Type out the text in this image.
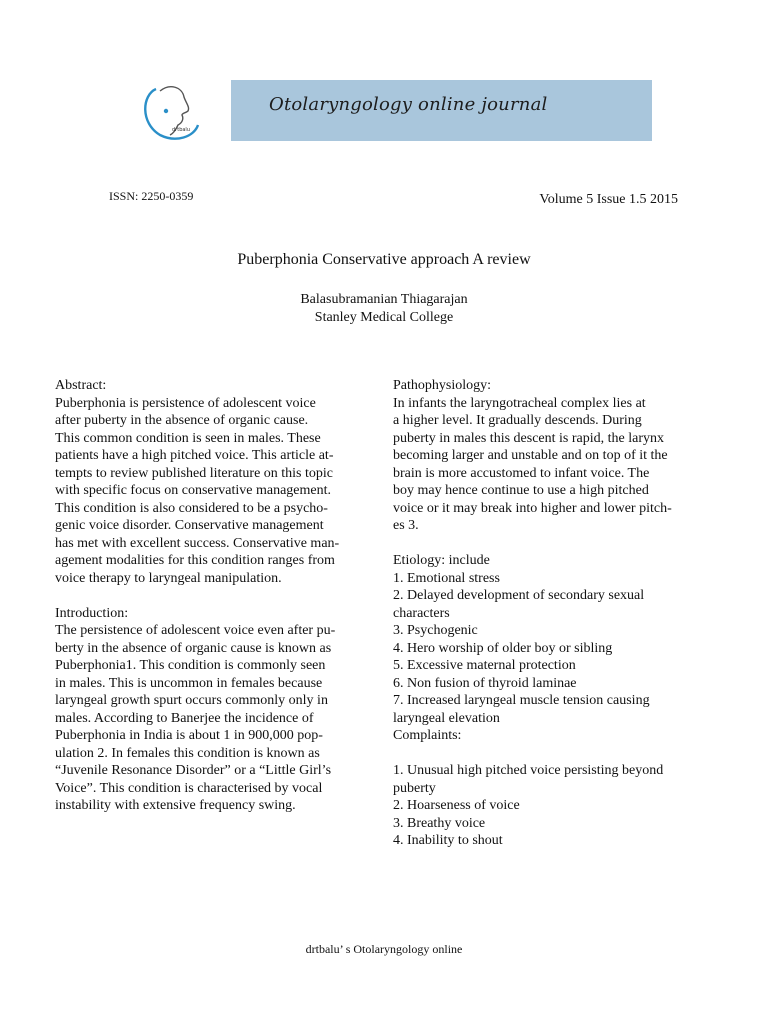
drtbalu
Otolaryngology online journal
ISSN: 2250-0359	Volume 5 Issue 1.5 2015
Puberphonia Conservative approach A review
Balasubramanian Thiagarajan
Stanley Medical College

Abstract:

Puberphonia is persistence of adolescent voice

after puberty in the absence of organic cause.

This common condition is seen in males. These

patients have a high pitched voice. This article at-

tempts to review published literature on this topic

with specific focus on conservative management.

This condition is also considered to be a psycho-

genic voice disorder. Conservative management

has met with excellent success. Conservative man-

agement modalities for this condition ranges from

voice therapy to laryngeal manipulation.

Introduction:

The persistence of adolescent voice even after pu-

berty in the absence of organic cause is known as

Puberphonia1. This condition is commonly seen

in males. This is uncommon in females because

laryngeal growth spurt occurs commonly only in

males. According to Banerjee the incidence of

Puberphonia in India is about 1 in 900,000 pop-

ulation 2. In females this condition is known as

“Juvenile Resonance Disorder” or a “Little Girl’s

Voice”. This condition is characterised by vocal

instability with extensive frequency swing.

Pathophysiology:

In infants the laryngotracheal complex lies at

a higher level. It gradually descends. During

puberty in males this descent is rapid, the larynx

becoming larger and unstable and on top of it the

brain is more accustomed to infant voice. The

boy may hence continue to use a high pitched

voice or it may break into higher and lower pitch-

es 3.

Etiology: include

1. Emotional stress

2. Delayed development of secondary sexual

characters

3. Psychogenic

4. Hero worship of older boy or sibling

5. Excessive maternal protection

6. Non fusion of thyroid laminae

7. Increased laryngeal muscle tension causing

laryngeal elevation

Complaints:

1. Unusual high pitched voice persisting beyond

puberty

2. Hoarseness of voice

3. Breathy voice

4. Inability to shout

drtbalu’ s Otolaryngology online
